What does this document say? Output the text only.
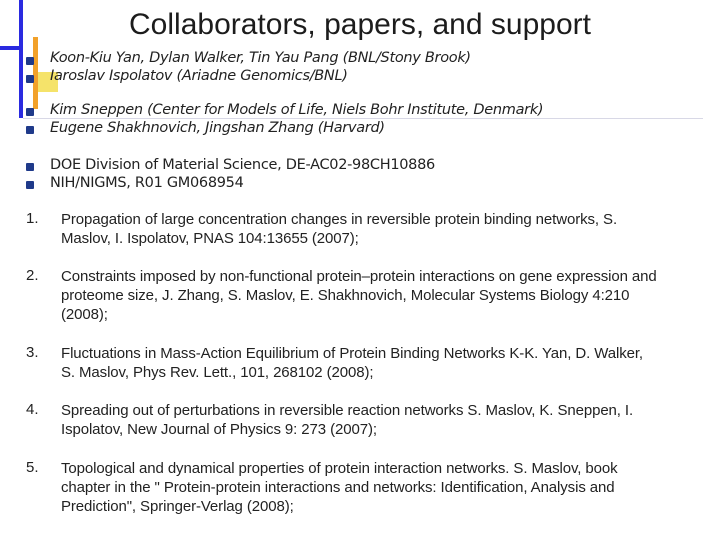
Collaborators, papers, and support
Koon-Kiu Yan, Dylan Walker, Tin Yau Pang (BNL/Stony Brook)
Iaroslav Ispolatov (Ariadne Genomics/BNL)
Kim Sneppen (Center for Models of Life, Niels Bohr Institute, Denmark)
Eugene Shakhnovich, Jingshan Zhang (Harvard)
DOE Division of Material Science, DE-AC02-98CH10886
NIH/NIGMS, R01 GM068954
1. Propagation of large concentration changes in reversible protein binding networks, S. Maslov, I. Ispolatov, PNAS 104:13655 (2007);
2. Constraints imposed by non-functional protein–protein interactions on gene expression and proteome size, J. Zhang, S. Maslov, E. Shakhnovich, Molecular Systems Biology 4:210 (2008);
3. Fluctuations in Mass-Action Equilibrium of Protein Binding Networks K-K. Yan, D. Walker, S. Maslov, Phys Rev. Lett., 101, 268102 (2008);
4. Spreading out of perturbations in reversible reaction networks S. Maslov, K. Sneppen, I. Ispolatov, New Journal of Physics 9: 273 (2007);
5. Topological and dynamical properties of protein interaction networks. S. Maslov, book chapter in the " Protein-protein interactions and networks: Identification, Analysis and Prediction", Springer-Verlag (2008);
